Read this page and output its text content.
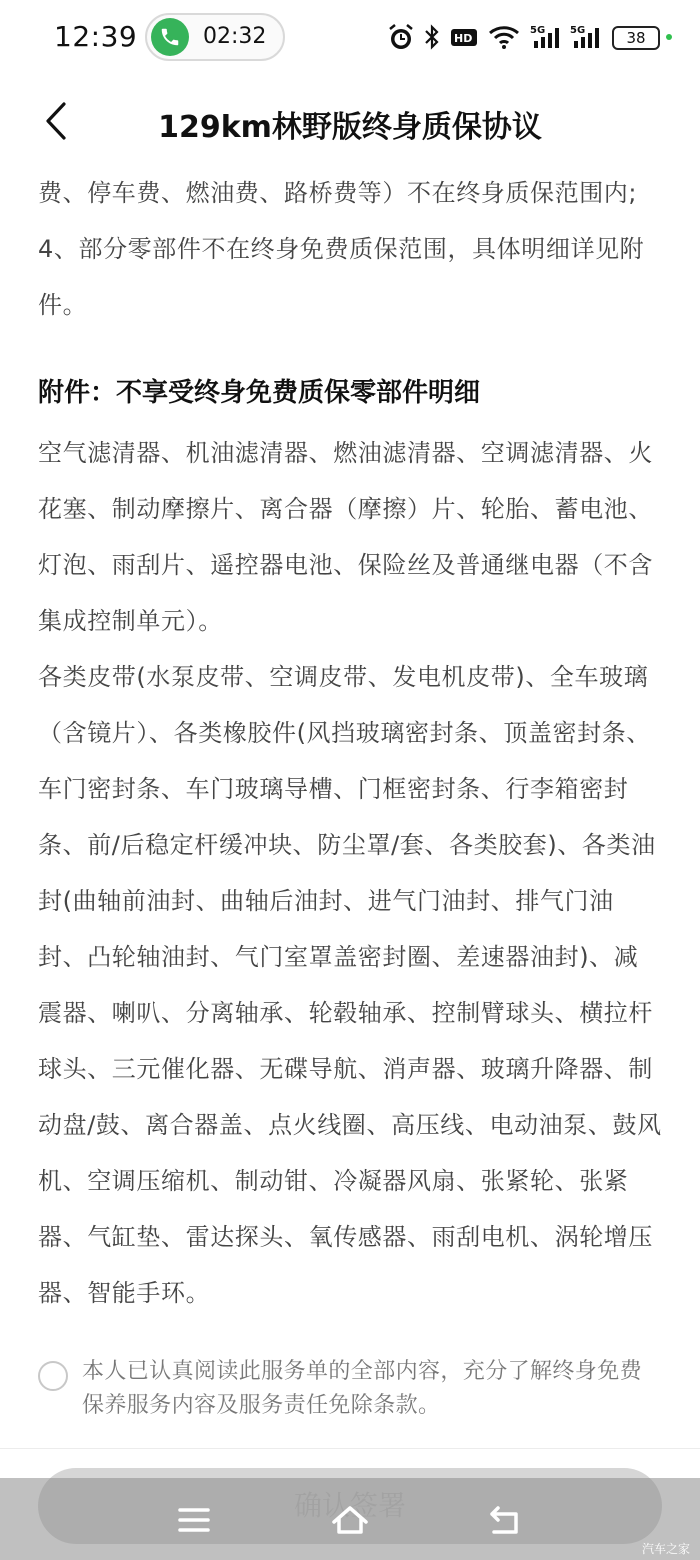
12:39	02:32	HD
5G 5G	38
129km林野版终身质保协议

费、停车费、燃油费、路桥费等）不在终身质保范围内;

4、部分零部件不在终身免费质保范围，具体明细详见附件。

附件：不享受终身免费质保零部件明细

空气滤清器、机油滤清器、燃油滤清器、空调滤清器、火花塞、制动摩擦片、离合器（摩擦）片、轮胎、蓄电池、灯泡、雨刮片、遥控器电池、保险丝及普通继电器（不含集成控制单元）。

各类皮带(水泵皮带、空调皮带、发电机皮带)、全车玻璃（含镜片）、各类橡胶件(风挡玻璃密封条、顶盖密封条、车门密封条、车门玻璃导槽、门框密封条、行李箱密封条、前/后稳定杆缓冲块、防尘罩/套、各类胶套)、各类油封(曲轴前油封、曲轴后油封、进气门油封、排气门油封、凸轮轴油封、气门室罩盖密封圈、差速器油封)、减震器、喇叭、分离轴承、轮毂轴承、控制臂球头、横拉杆球头、三元催化器、无碟导航、消声器、玻璃升降器、制动盘/鼓、离合器盖、点火线圈、高压线、电动油泵、鼓风机、空调压缩机、制动钳、冷凝器风扇、张紧轮、张紧器、气缸垫、雷达探头、氧传感器、雨刮电机、涡轮增压器、智能手环。

本人已认真阅读此服务单的全部内容，充分了解终身免费保养服务内容及服务责任免除条款。
汽车之家
